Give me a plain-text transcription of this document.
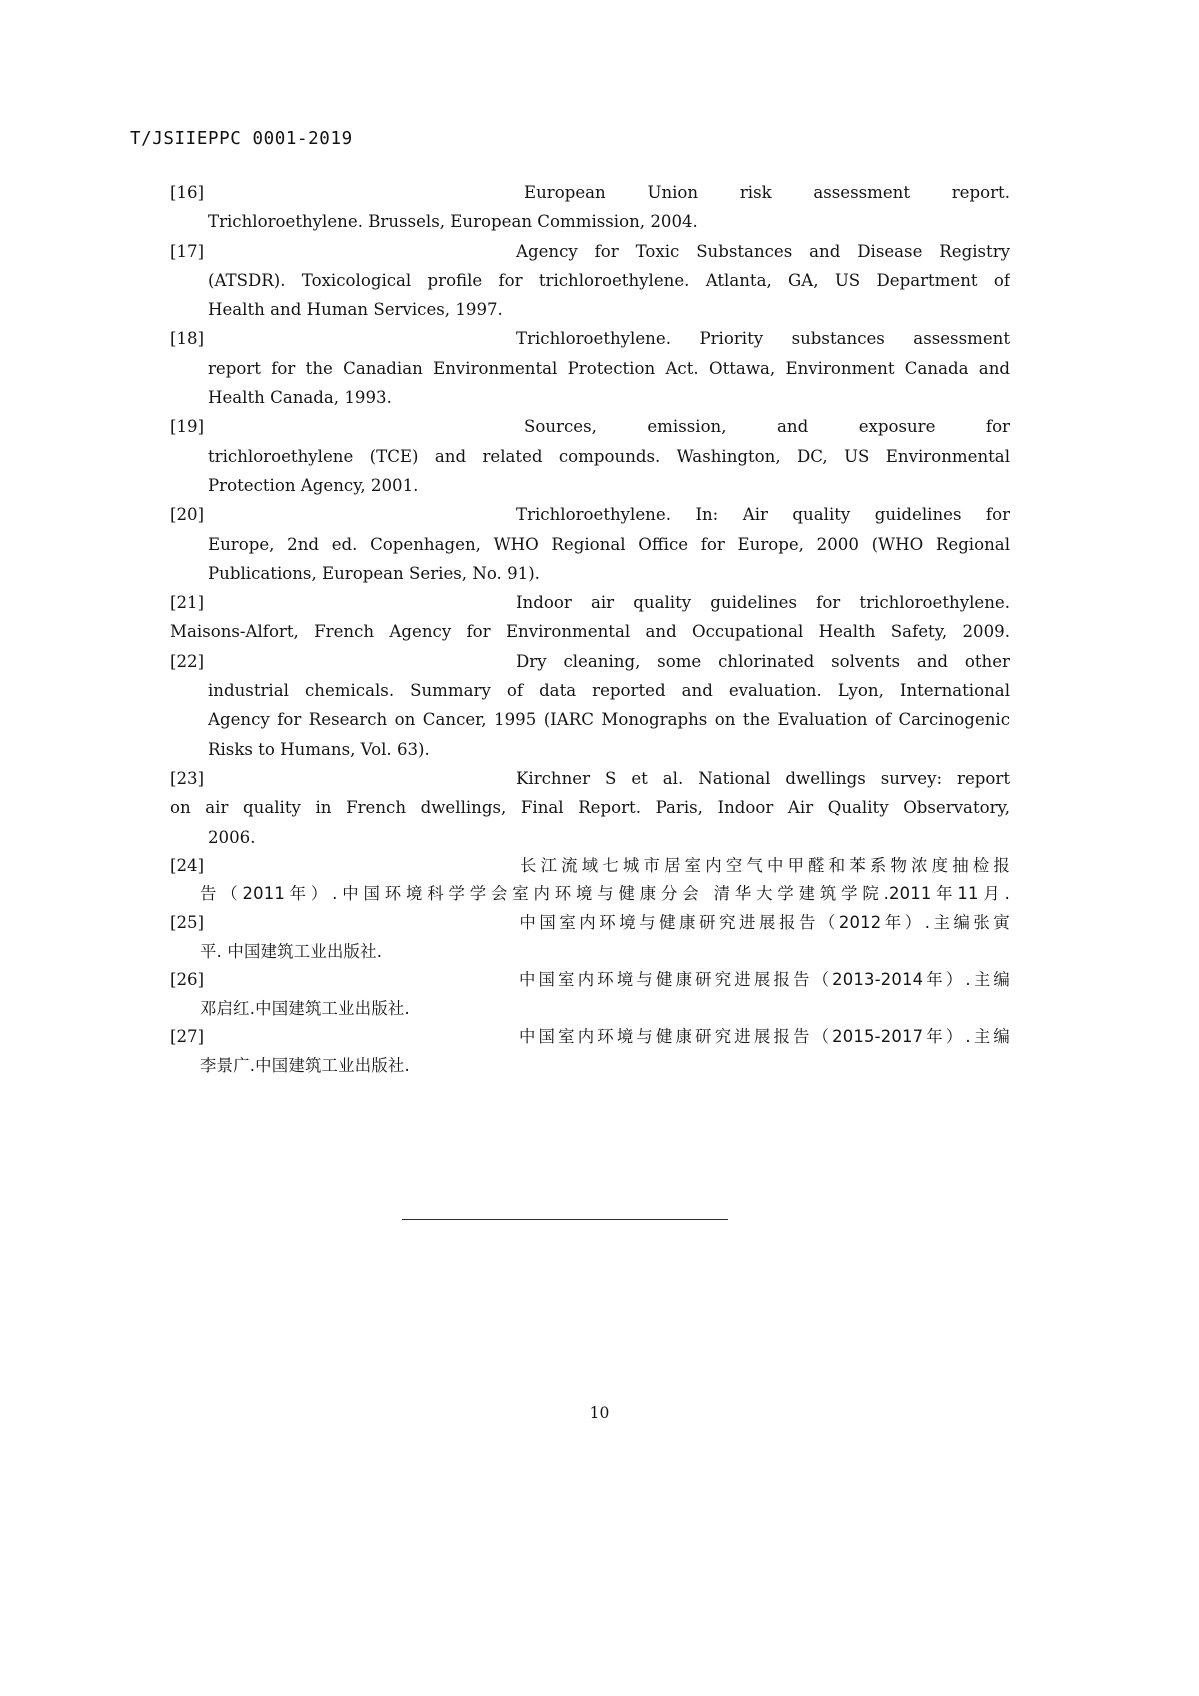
T/JSIIEPPC 0001-2019
[16]	European Union risk assessment report.
Trichloroethylene. Brussels, European Commission, 2004.
[17]	Agency for Toxic Substances and Disease Registry
(ATSDR). Toxicological profile for trichloroethylene. Atlanta, GA, US Department of
Health and Human Services, 1997.
[18]	Trichloroethylene. Priority substances assessment
report for the Canadian Environmental Protection Act. Ottawa, Environment Canada and
Health Canada, 1993.
[19]	Sources, emission, and exposure for
trichloroethylene (TCE) and related compounds. Washington, DC, US Environmental
Protection Agency, 2001.
[20]	Trichloroethylene. In: Air quality guidelines for
Europe, 2nd ed. Copenhagen, WHO Regional Office for Europe, 2000 (WHO Regional
Publications, European Series, No. 91).
[21]	Indoor air quality guidelines for trichloroethylene.
Maisons-Alfort, French Agency for Environmental and Occupational Health Safety, 2009.
[22]	Dry cleaning, some chlorinated solvents and other
industrial chemicals. Summary of data reported and evaluation. Lyon, International
Agency for Research on Cancer, 1995 (IARC Monographs on the Evaluation of Carcinogenic
Risks to Humans, Vol. 63).
[23]	Kirchner S et al. National dwellings survey: report
on air quality in French dwellings, Final Report. Paris, Indoor Air Quality Observatory,
2006.
[24]	长江流域七城市居室内空气中甲醛和苯系物浓度抽检报
告（2011年）.中国环境科学学会室内环境与健康分会 清华大学建筑学院.2011年11月.
[25]	中国室内环境与健康研究进展报告（2012年）.主编张寅
平. 中国建筑工业出版社.
[26]	中国室内环境与健康研究进展报告（2013-2014年）.主编
邓启红.中国建筑工业出版社.
[27]	中国室内环境与健康研究进展报告（2015-2017年）.主编
李景广.中国建筑工业出版社.
10
